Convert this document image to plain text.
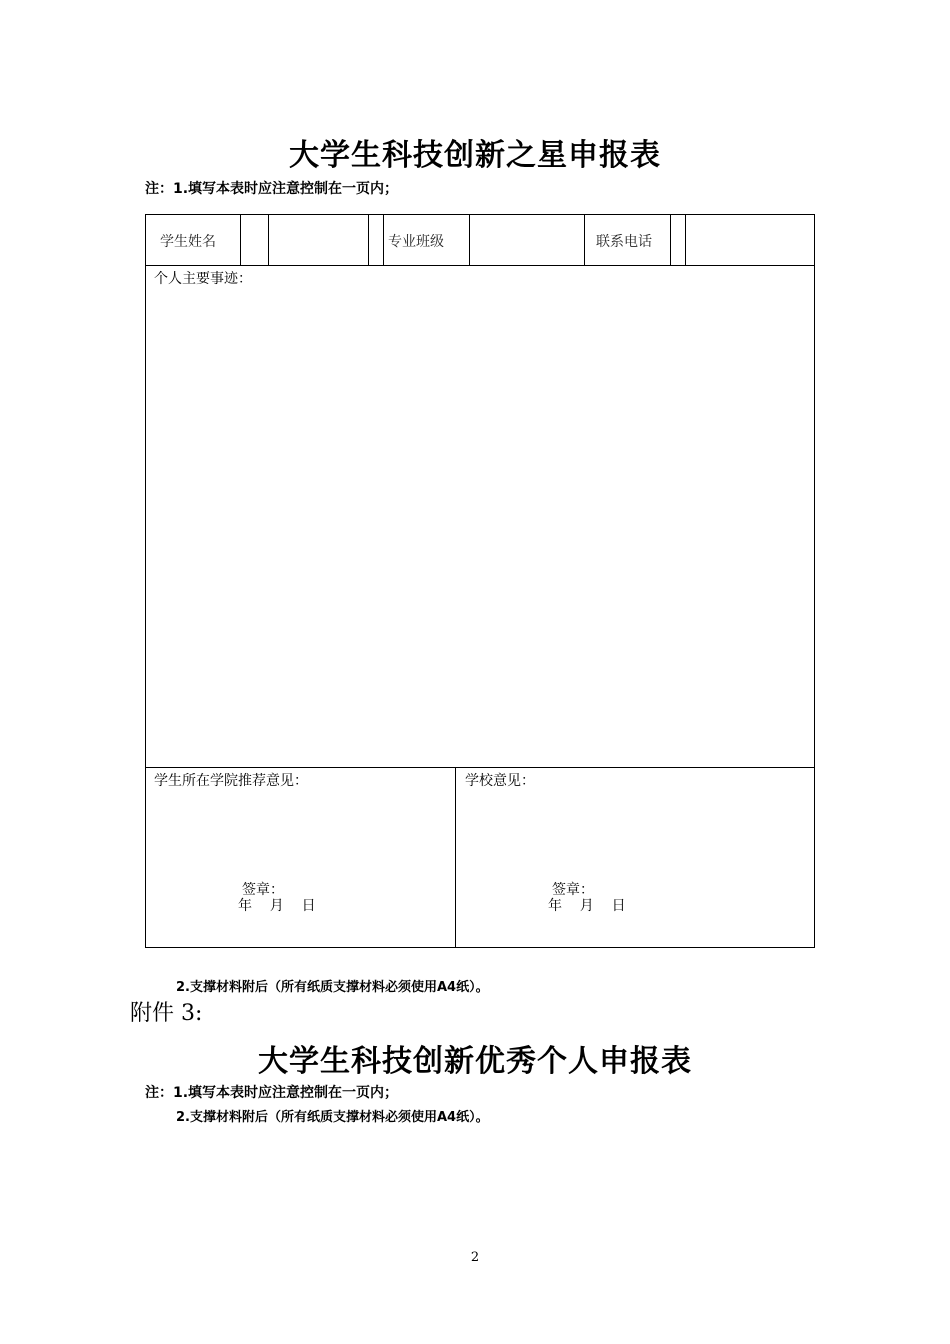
大学生科技创新之星申报表
注：1.填写本表时应注意控制在一页内；
学生姓名	专业班级	联系电话
个人主要事迹：
学生所在学院推荐意见：
签章：
年    月    日
学校意见：
签章：
年    月    日
2.支撑材料附后（所有纸质支撑材料必须使用A4纸）。
附件 3:
大学生科技创新优秀个人申报表
注：1.填写本表时应注意控制在一页内；
2.支撑材料附后（所有纸质支撑材料必须使用A4纸）。
2
